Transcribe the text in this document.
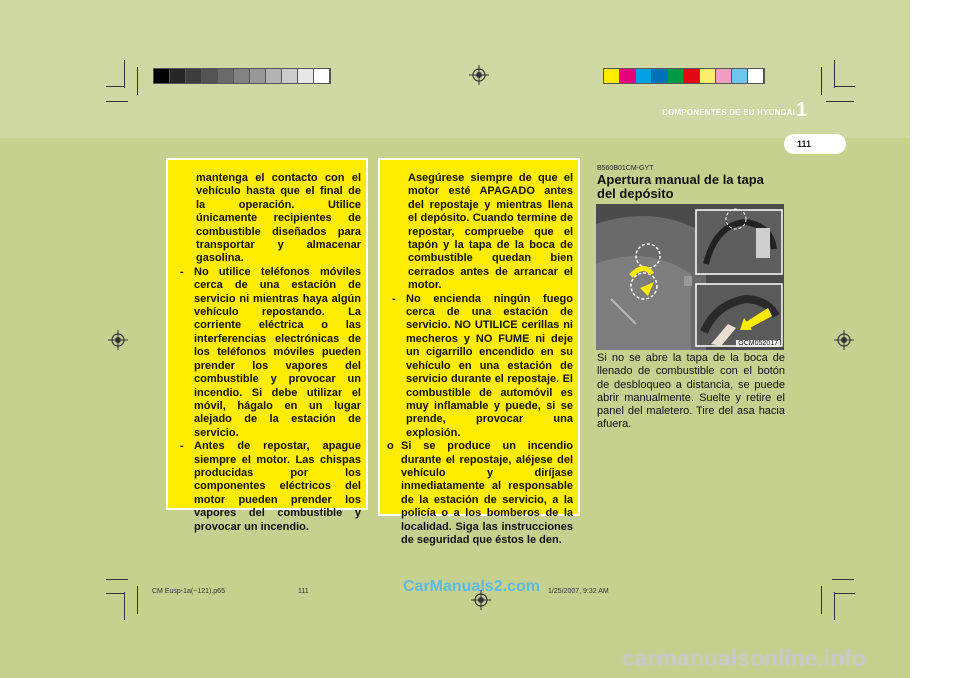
COMPONENTES DE SU HYUNDAI 1
111

mantenga el contacto con el vehículo hasta que el final de la operación. Utilice únicamente recipientes de combustible diseñados para transportar y almacenar gasolina.

- No utilice teléfonos móviles cerca de una estación de servicio ni mientras haya algún vehículo repostando. La corriente eléctrica o las interferencias electrónicas de los teléfonos móviles pueden prender los vapores del combustible y provocar un incendio. Si debe utilizar el móvil, hágalo en un lugar alejado de la estación de servicio.
- Antes de repostar, apague siempre el motor. Las chispas producidas por los componentes eléctricos del motor pueden prender los vapores del combustible y provocar un incendio.

Asegúrese siempre de que el motor esté APAGADO antes del repostaje y mientras llena el depósito. Cuando termine de repostar, compruebe que el tapón y la tapa de la boca de combustible quedan bien cerrados antes de arrancar el motor.

- No encienda ningún fuego cerca de una estación de servicio. NO UTILICE cerillas ni mecheros y NO FUME ni deje un cigarrillo encendido en su vehículo en una estación de servicio durante el repostaje. El combustible de automóvil es muy inflamable y puede, si se prende, provocar una explosión.
o Si se produce un incendio durante el repostaje, aléjese del vehículo y diríjase inmediatamente al responsable de la estación de servicio, a la policía o a los bomberos de la localidad. Siga las instrucciones de seguridad que éstos le den.
B560B01CM-GYT
Apertura manual de la tapa del depósito
OCM052017
Si no se abre la tapa de la boca de llenado de combustible con el botón de desbloqueo a distancia, se puede abrir manualmente. Suelte y retire el panel del maletero. Tire del asa hacia afuera.
CM Eusp-1a(~121).p65	111	1/25/2007, 9:32 AM
CarManuals2.com
carmanualsonline.info
